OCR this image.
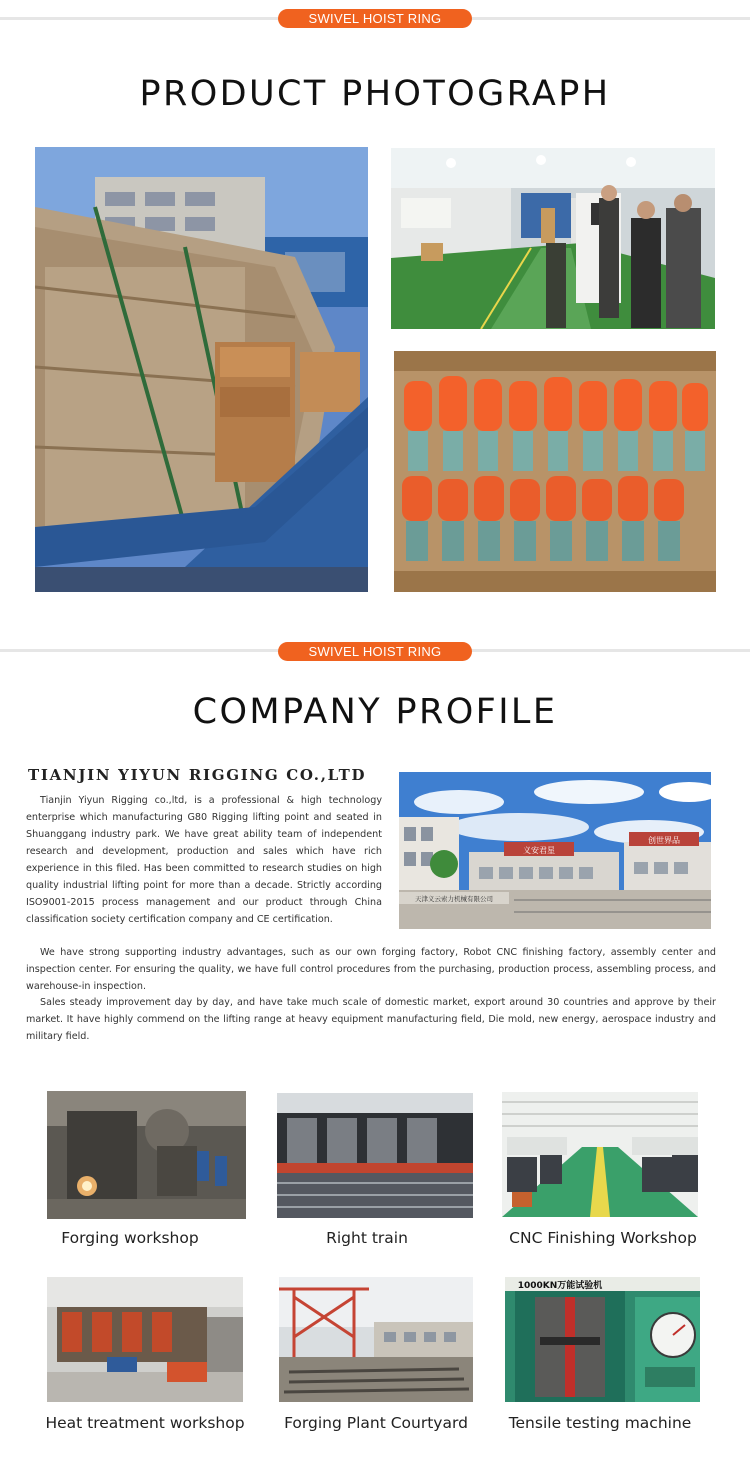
SWIVEL HOIST RING
PRODUCT PHOTOGRAPH
SWIVEL HOIST RING
COMPANY PROFILE
TIANJIN YIYUN RIGGING CO.,LTD

Tianjin Yiyun Rigging co.,ltd, is a professional & high technology enterprise which manufacturing G80 Rigging lifting point and seated in Shuanggang industry park. We have great ability team of independent research and development, production and sales which have rich experience in this filed. Has been committed to research studies on high quality industrial lifting point for more than a decade. Strictly according ISO9001-2015 process management and our product through China classification society certification company and CE certification.

We have strong supporting industry advantages, such as our own forging factory, Robot CNC finishing factory, assembly center and inspection center. For ensuring the quality, we have full control procedures from the purchasing, production process, assembling process, and warehouse-in inspection.

Sales steady improvement day by day, and have take much scale of domestic market, export around 30 countries and approve by their market. It have highly commend on the lifting range at heavy equipment manufacturing field, Die mold, new energy, aerospace industry and military field.

义安君星
创世界品
天津义云索力机械有限公司
Forging workshop	Right train	CNC Finishing Workshop
Heat treatment workshop	Forging Plant Courtyard
1000KN万能试验机
Tensile testing machine
